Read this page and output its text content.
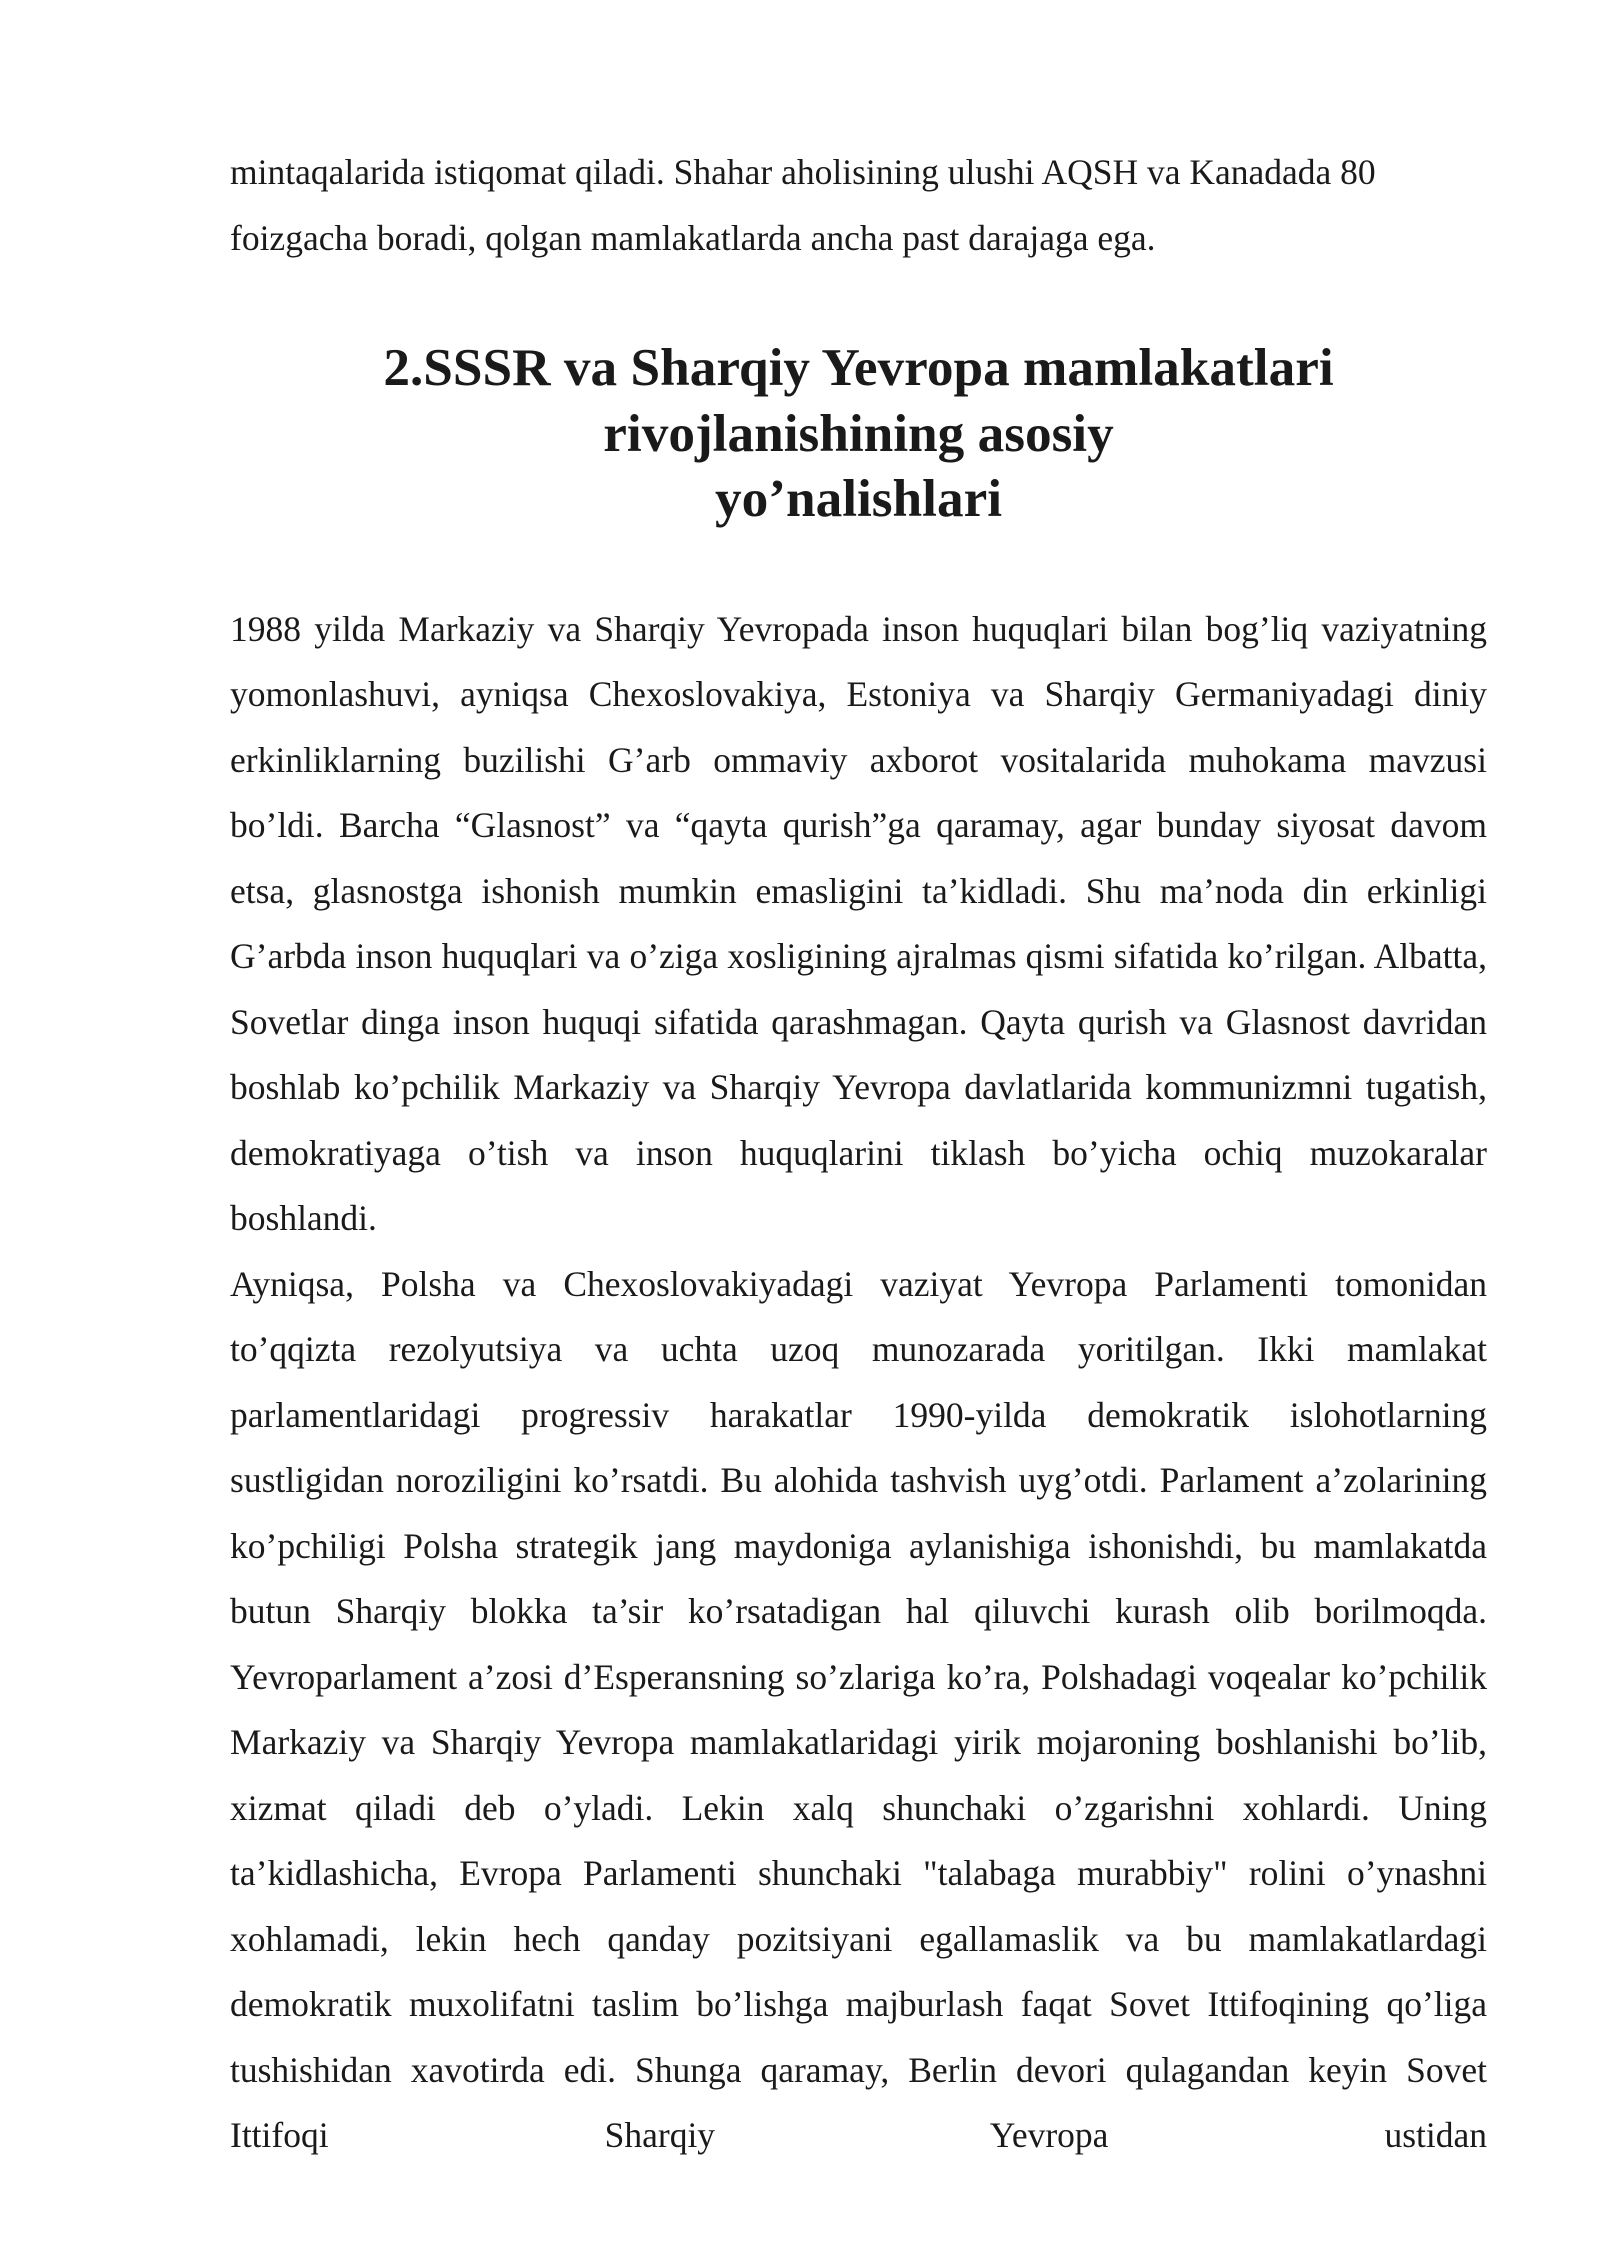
mintaqalarida istiqomat qiladi. Shahar aholisining ulushi AQSH va Kanadada 80
foizgacha boradi, qolgan mamlakatlarda ancha past darajaga ega.

2.SSSR va Sharqiy Yevropa mamlakatlari rivojlanishining asosiy
yo’nalishlari

1988 yilda Markaziy va Sharqiy Yevropada inson huquqlari bilan bog’liq vaziyatning yomonlashuvi, ayniqsa Chexoslovakiya, Estoniya va Sharqiy Germaniyadagi diniy erkinliklarning buzilishi G’arb ommaviy axborot vositalarida muhokama mavzusi bo’ldi. Barcha “Glasnost” va “qayta qurish”ga qaramay, agar bunday siyosat davom etsa, glasnostga ishonish mumkin emasligini ta’kidladi. Shu ma’noda din erkinligi G’arbda inson huquqlari va o’ziga xosligining ajralmas qismi sifatida ko’rilgan. Albatta, Sovetlar dinga inson huquqi sifatida qarashmagan. Qayta qurish va Glasnost davridan boshlab ko’pchilik Markaziy va Sharqiy Yevropa davlatlarida kommunizmni tugatish, demokratiyaga o’tish va inson huquqlarini tiklash bo’yicha ochiq muzokaralar boshlandi.

Ayniqsa, Polsha va Chexoslovakiyadagi vaziyat Yevropa Parlamenti tomonidan to’qqizta rezolyutsiya va uchta uzoq munozarada yoritilgan. Ikki mamlakat parlamentlaridagi progressiv harakatlar 1990-yilda demokratik islohotlarning sustligidan noroziligini ko’rsatdi. Bu alohida tashvish uyg’otdi. Parlament a’zolarining ko’pchiligi Polsha strategik jang maydoniga aylanishiga ishonishdi, bu mamlakatda butun Sharqiy blokka ta’sir ko’rsatadigan hal qiluvchi kurash olib borilmoqda. Yevroparlament a’zosi d’Esperansning so’zlariga ko’ra, Polshadagi voqealar ko’pchilik Markaziy va Sharqiy Yevropa mamlakatlaridagi yirik mojaroning boshlanishi bo’lib, xizmat qiladi deb o’yladi. Lekin xalq shunchaki o’zgarishni xohlardi. Uning ta’kidlashicha, Evropa Parlamenti shunchaki "talabaga murabbiy" rolini o’ynashni xohlamadi, lekin hech qanday pozitsiyani egallamaslik va bu mamlakatlardagi demokratik muxolifatni taslim bo’lishga majburlash faqat Sovet Ittifoqining qo’liga tushishidan xavotirda edi. Shunga qaramay, Berlin devori qulagandan keyin Sovet Ittifoqi Sharqiy Yevropa ustidan
